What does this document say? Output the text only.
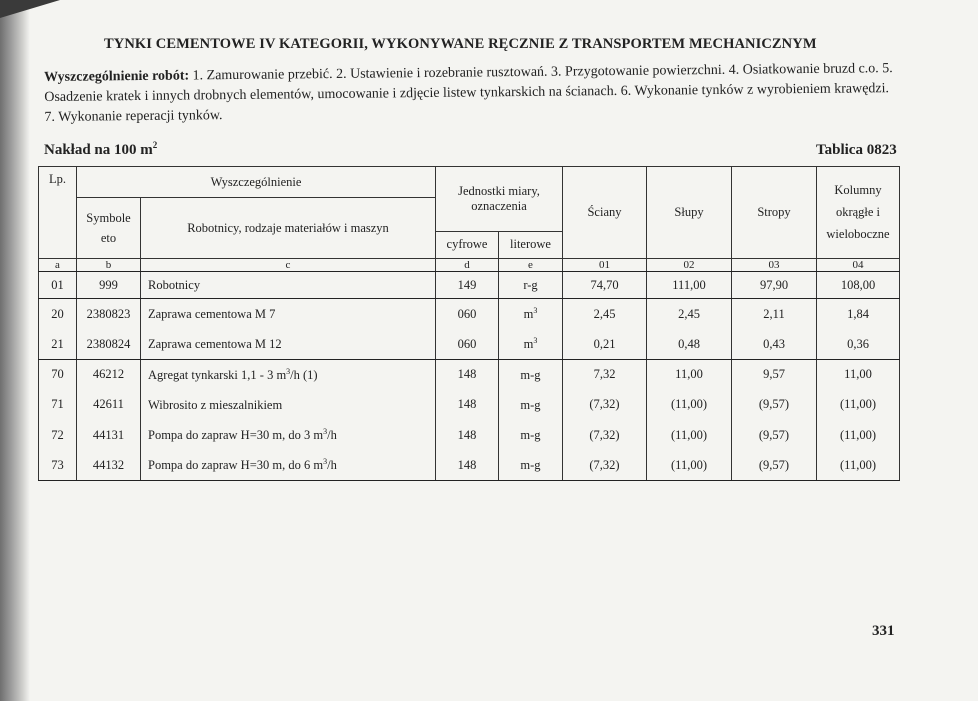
TYNKI CEMENTOWE IV KATEGORII, WYKONYWANE RĘCZNIE Z TRANSPORTEM MECHANICZNYM
Wyszczególnienie robót: 1. Zamurowanie przebić. 2. Ustawienie i rozebranie rusztowań. 3. Przygotowanie powierzchni. 4. Osiatkowanie bruzd c.o. 5. Osadzenie kratek i innych drobnych elementów, umocowanie i zdjęcie listew tynkarskich na ścianach. 6. Wykonanie tynków z wyrobieniem krawędzi. 7. Wykonanie reperacji tynków.
Nakład na 100 $m^2$	Tablica 0823
Lp.	Wyszczególnienie		Jednostki miary, oznaczenia		Ściany	Słupy	Stropy	Kolumny okrągłe i wieloboczne
	Symbole eto	Robotnicy, rodzaje materiałów i maszyn						
			cyfrowe	literowe				
a	b	c	d	e	01	02	03	04
01	999	Robotnicy	149	r-g	74,70	111,00	97,90	108,00
20	2380823	Zaprawa cementowa M 7	060	$m^3$	2,45	2,45	2,11	1,84
21	2380824	Zaprawa cementowa M 12	060	$m^3$	0,21	0,48	0,43	0,36
70	46212	Agregat tynkarski 1,1 - 3 $m^3/h$ (1)	148	m-g	7,32	11,00	9,57	11,00
71	42611	Wibrosito z mieszalnikiem	148	m-g	(7,32)	(11,00)	(9,57)	(11,00)
72	44131	Pompa do zapraw H=30 m, do 3 $m^3/h$	148	m-g	(7,32)	(11,00)	(9,57)	(11,00)
73	44132	Pompa do zapraw H=30 m, do 6 $m^3/h$	148	m-g	(7,32)	(11,00)	(9,57)	(11,00)
331
